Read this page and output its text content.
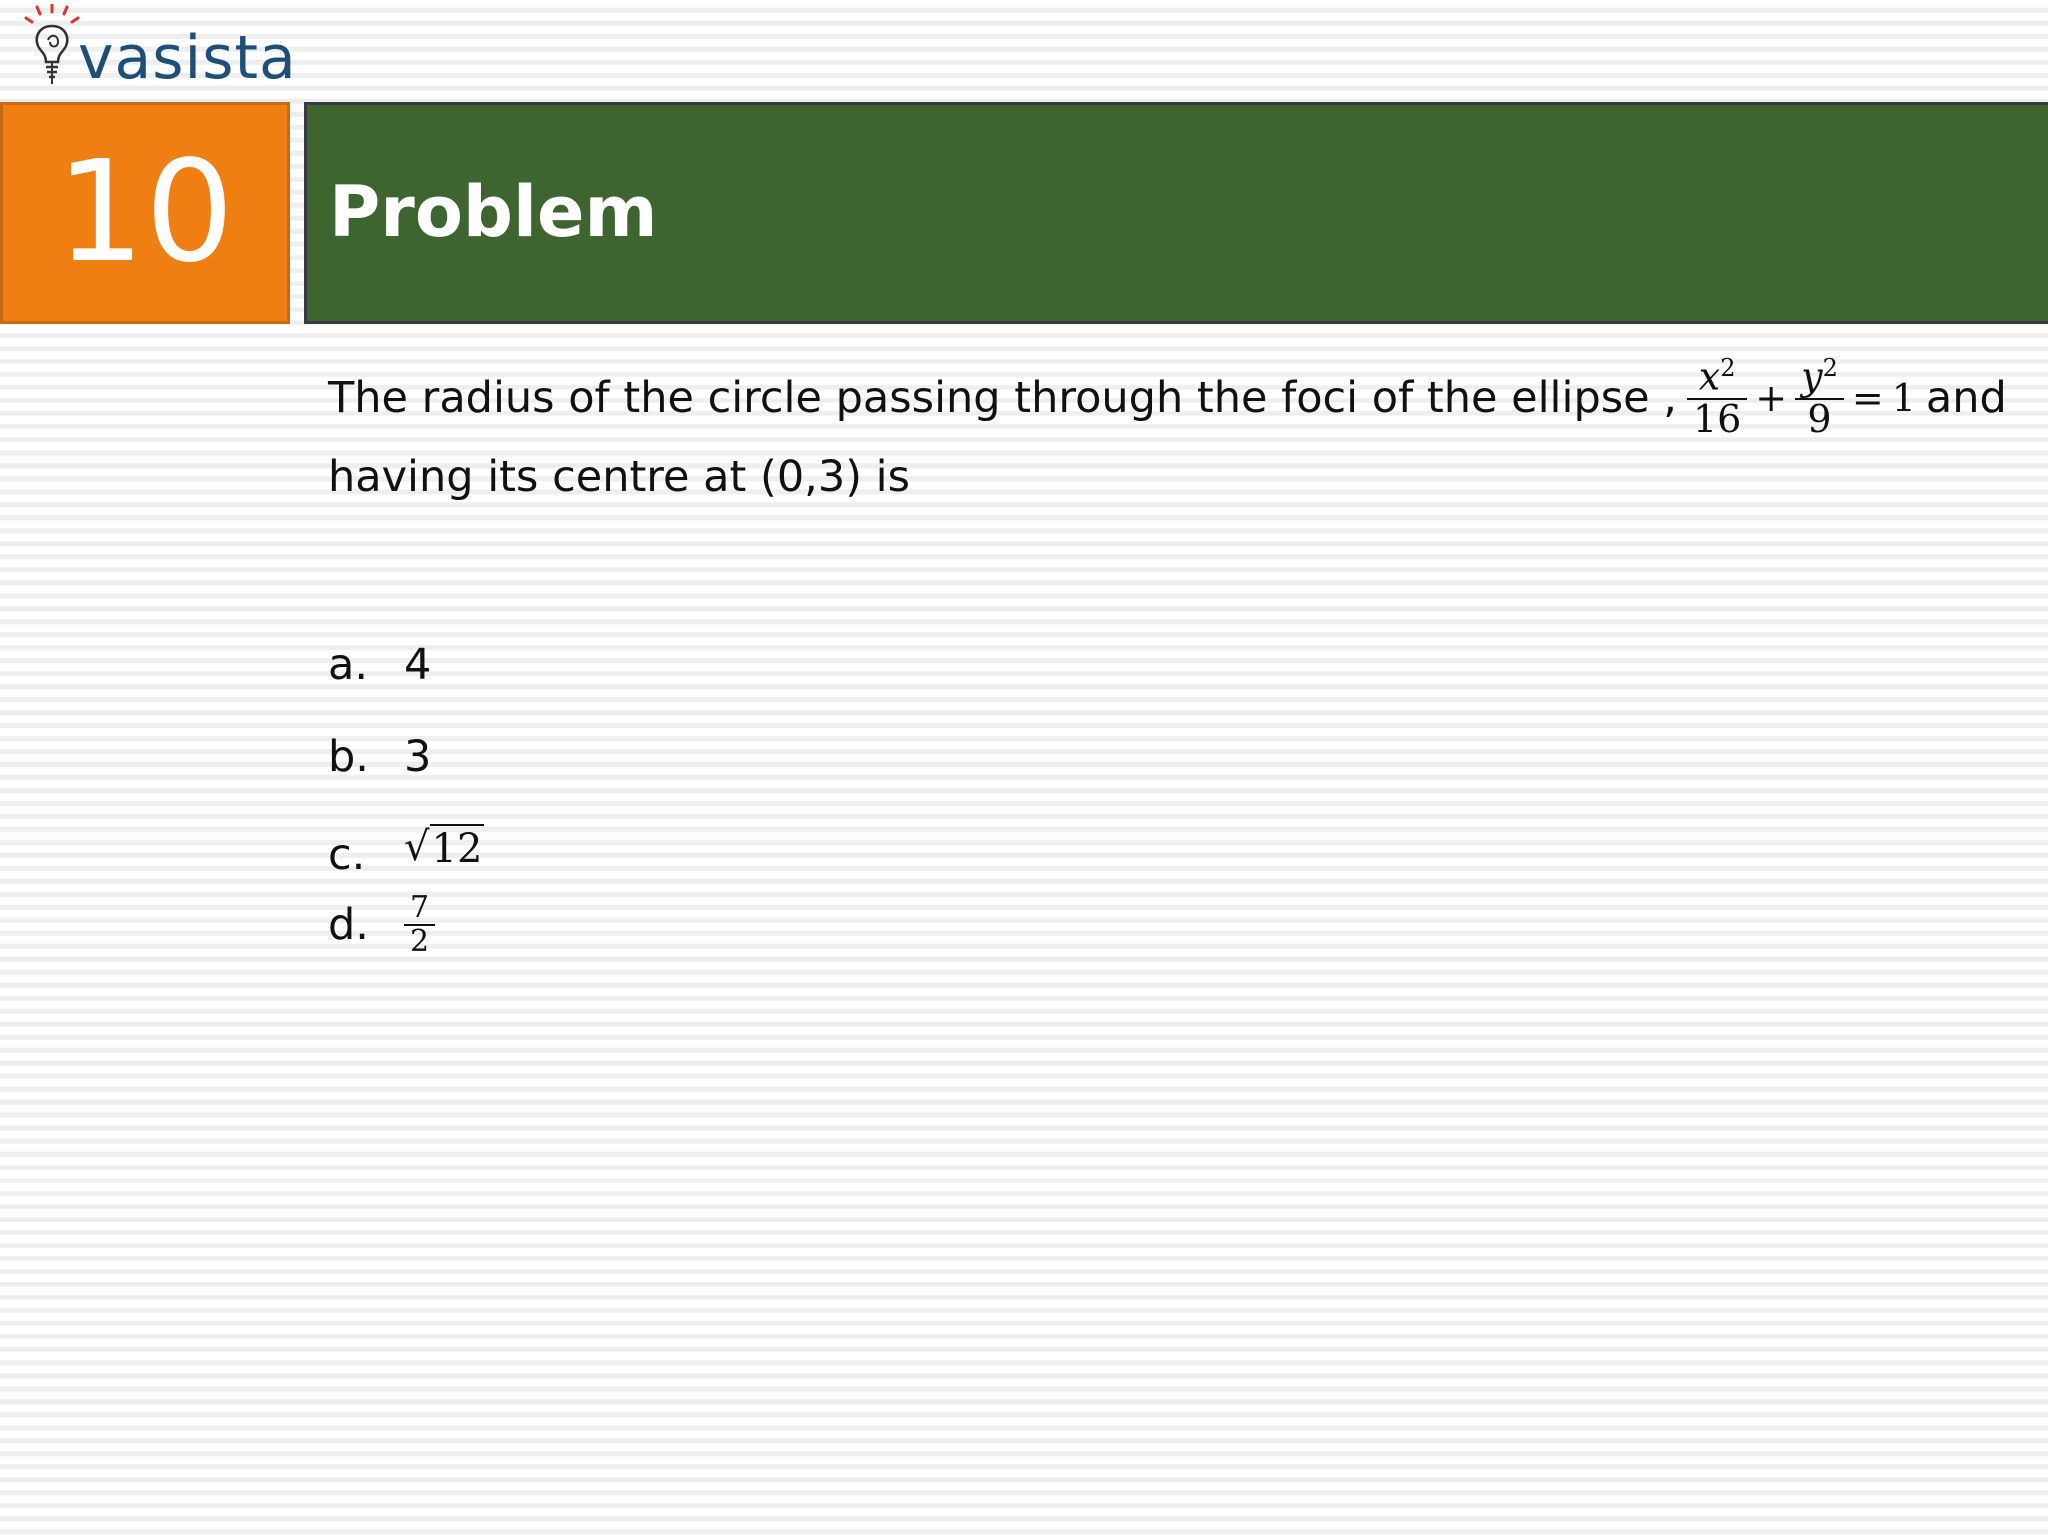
vasista
10 Problem
The radius of the circle passing through the foci of the ellipse , $\frac{x^2}{16} + \frac{y^2}{9} = 1$ and
having its centre at (0,3) is
a. 4
b. 3
c. √ 12
d.	$\frac{7}{2}$
